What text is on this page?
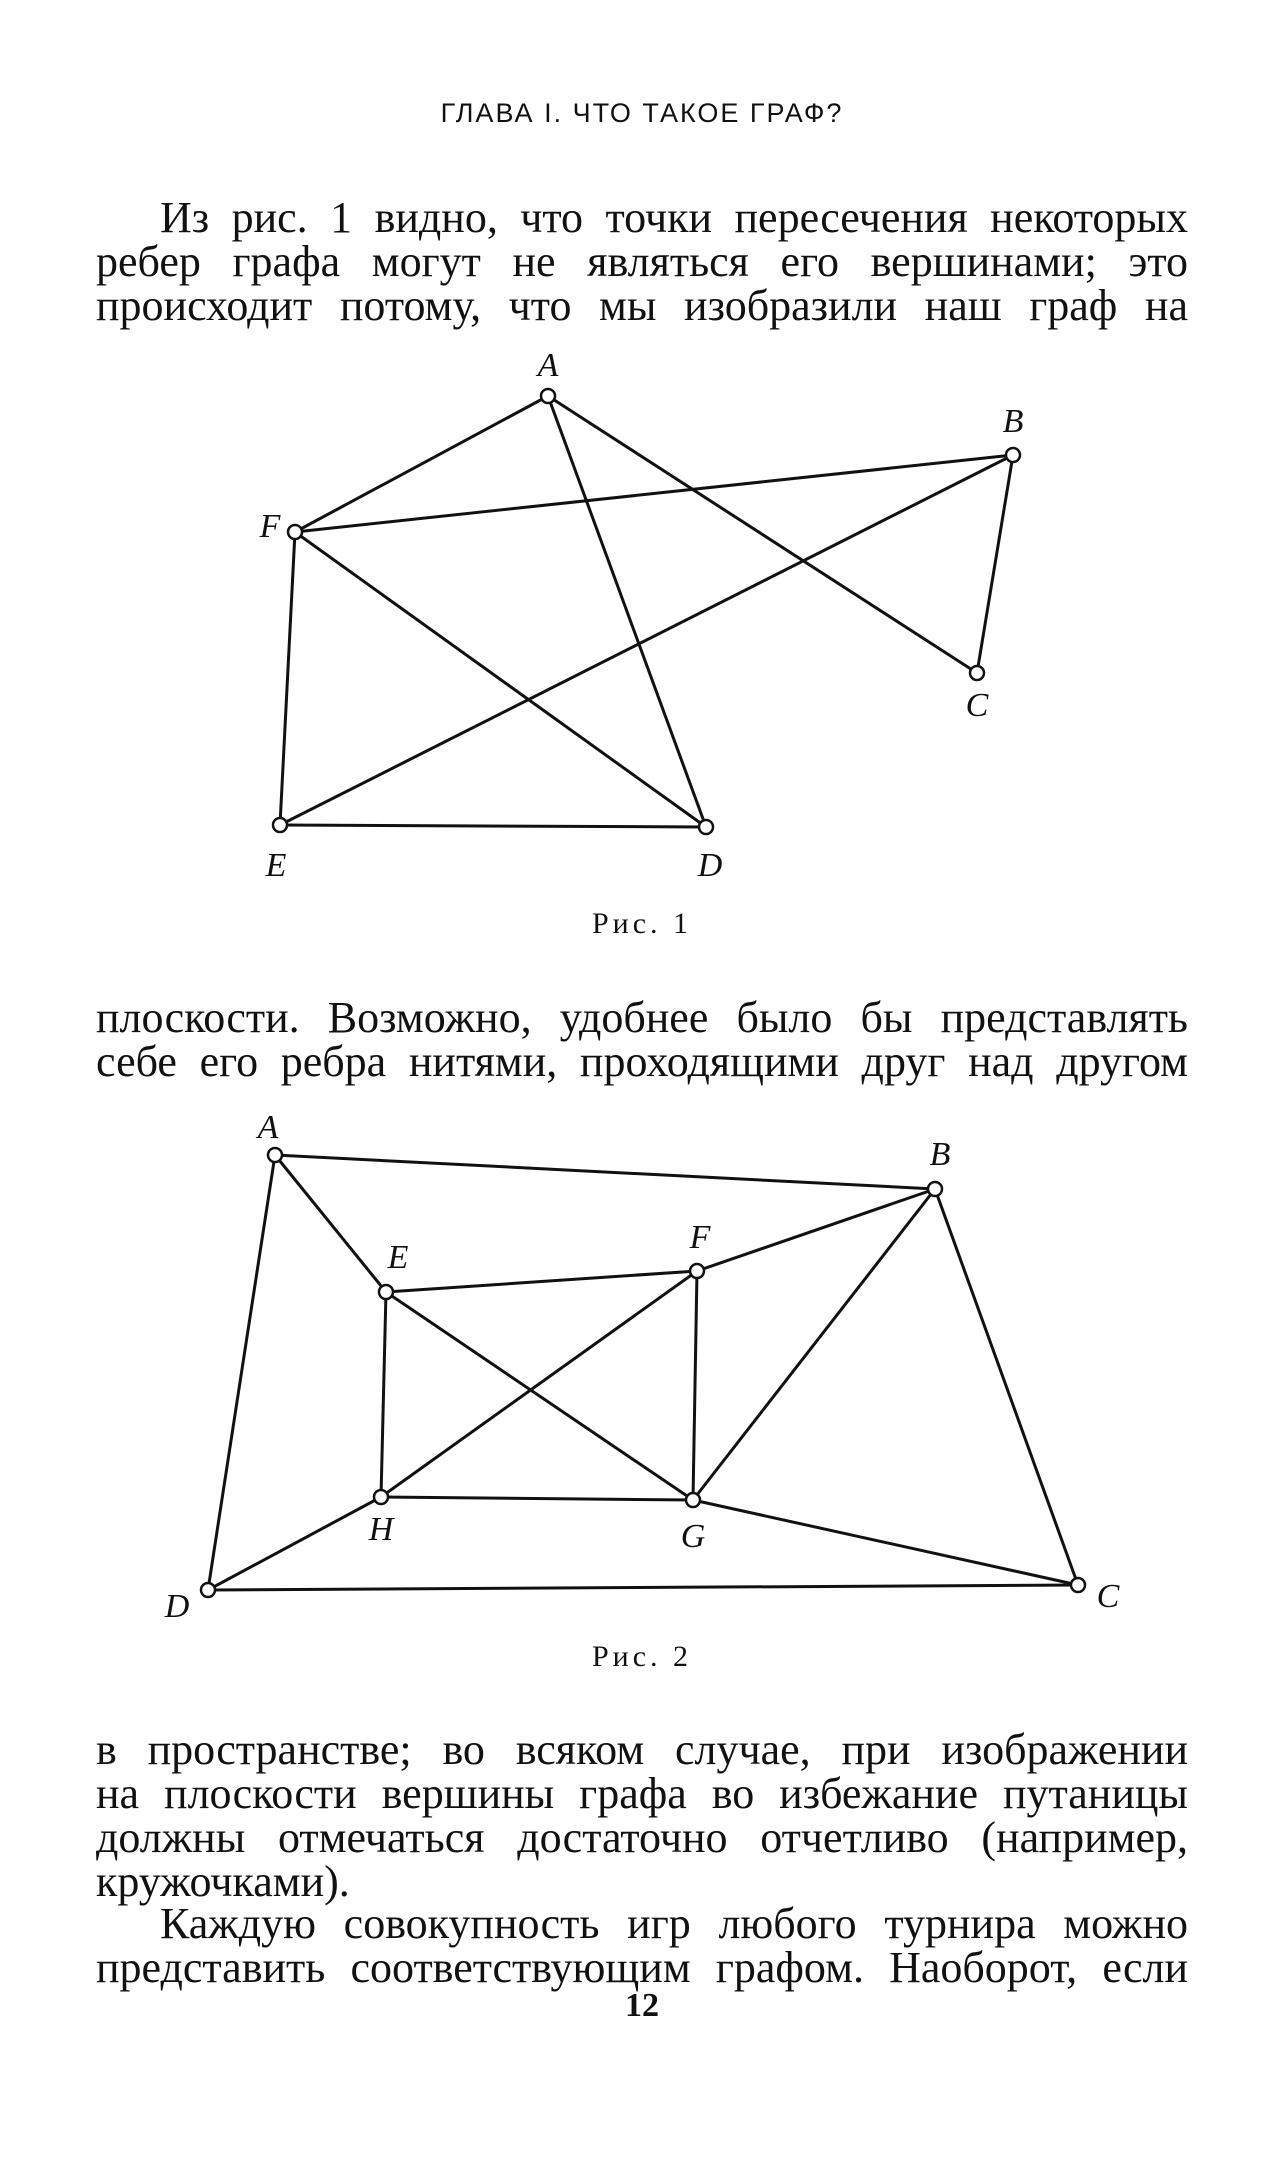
ГЛАВА I. ЧТО ТАКОЕ ГРАФ?
Из рис. 1 видно, что точки пересечения некоторых
ребер графа могут не являться его вершинами; это
происходит потому, что мы изобразили наш граф на
A
B
C
D
E
F
Рис. 1
плоскости. Возможно, удобнее было бы представлять
себе его ребра нитями, проходящими друг над другом
A
B
C
D
E
F
G
H
Рис. 2
в пространстве; во всяком случае, при изображении
на плоскости вершины графа во избежание путаницы
должны отмечаться достаточно отчетливо (например,
кружочками).
Каждую совокупность игр любого турнира можно
представить соответствующим графом. Наоборот, если
12
